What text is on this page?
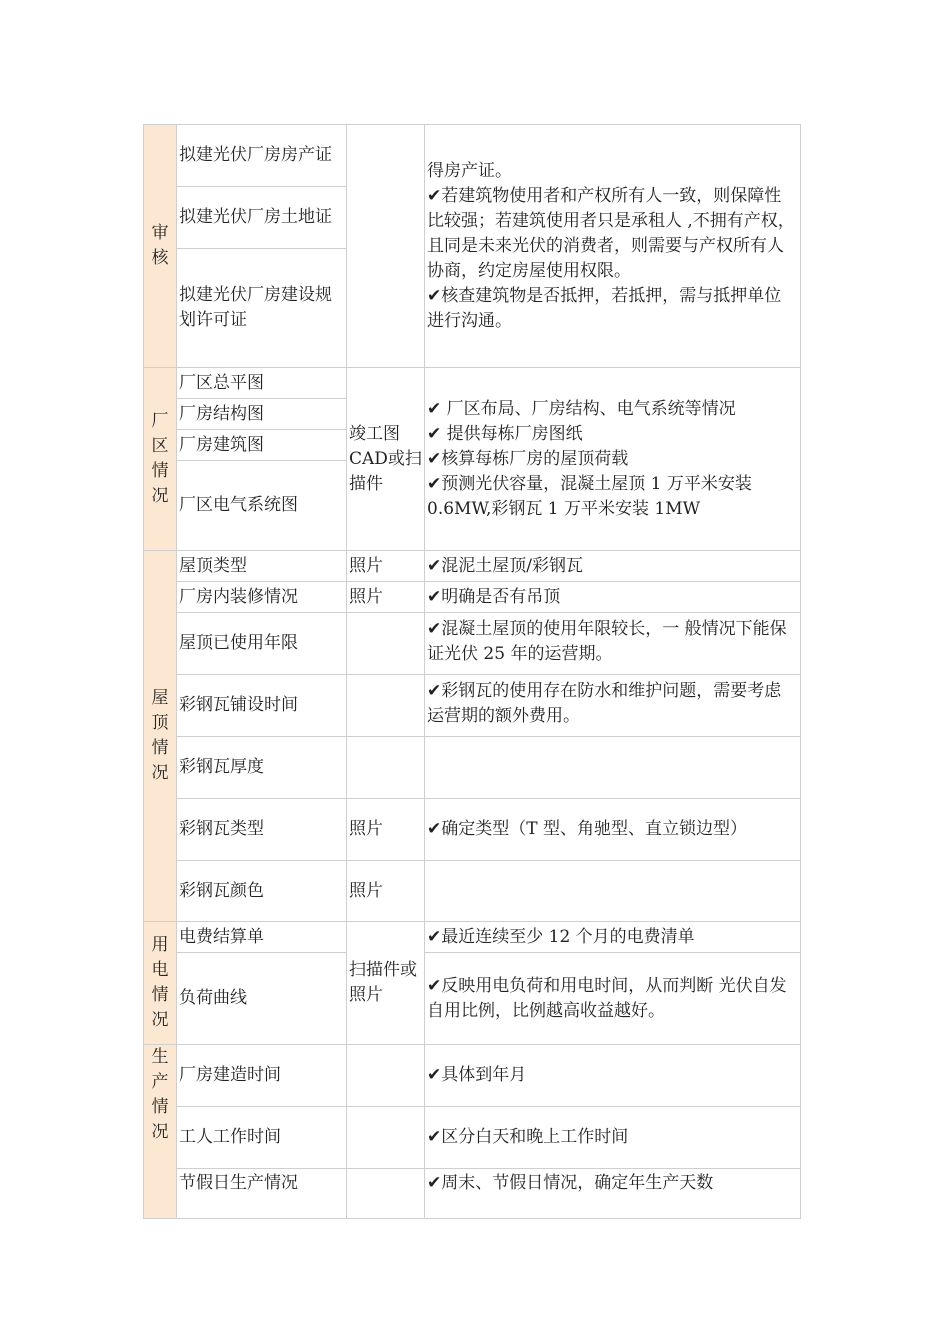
审核	拟建光伏厂房房产证		得房产证。
✔若建筑物使用者和产权所有人一致，则保障性比较强；若建筑使用者只是承租人 ,不拥有产权，且同是未来光伏的消费者，则需要与产权所有人协商，约定房屋使用权限。
✔核查建筑物是否抵押，若抵押，需与抵押单位进行沟通。

	拟建光伏厂房土地证		
	拟建光伏厂房建设规划许可证		

厂区情况	厂区总平图	竣工图CAD或扫描件	✔ 厂区布局、厂房结构、电气系统等情况
✔ 提供每栋厂房图纸
✔核算每栋厂房的屋顶荷载
✔预测光伏容量，混凝土屋顶 1 万平米安装 0.6MW,彩钢瓦 1 万平米安装 1MW

	厂房结构图		
	厂房建筑图		
	厂区电气系统图		

屋顶情况	屋顶类型	照片	✔混泥土屋顶/彩钢瓦
	厂房内装修情况	照片	✔明确是否有吊顶
	屋顶已使用年限		✔混凝土屋顶的使用年限较长，一 般情况下能保证光伏 25 年的运营期。
	彩钢瓦铺设时间		✔彩钢瓦的使用存在防水和维护问题，需要考虑运营期的额外费用。
	彩钢瓦厚度		
	彩钢瓦类型	照片	✔确定类型（T 型、角驰型、直立锁边型）
	彩钢瓦颜色	照片	

用电情况	电费结算单	扫描件或照片	✔最近连续至少 12 个月的电费清单
	负荷曲线		✔反映用电负荷和用电时间，从而判断 光伏自发自用比例，比例越高收益越好。

生产情况	厂房建造时间		✔具体到年月
	工人工作时间		✔区分白天和晚上工作时间
	节假日生产情况		✔周末、节假日情况，确定年生产天数
